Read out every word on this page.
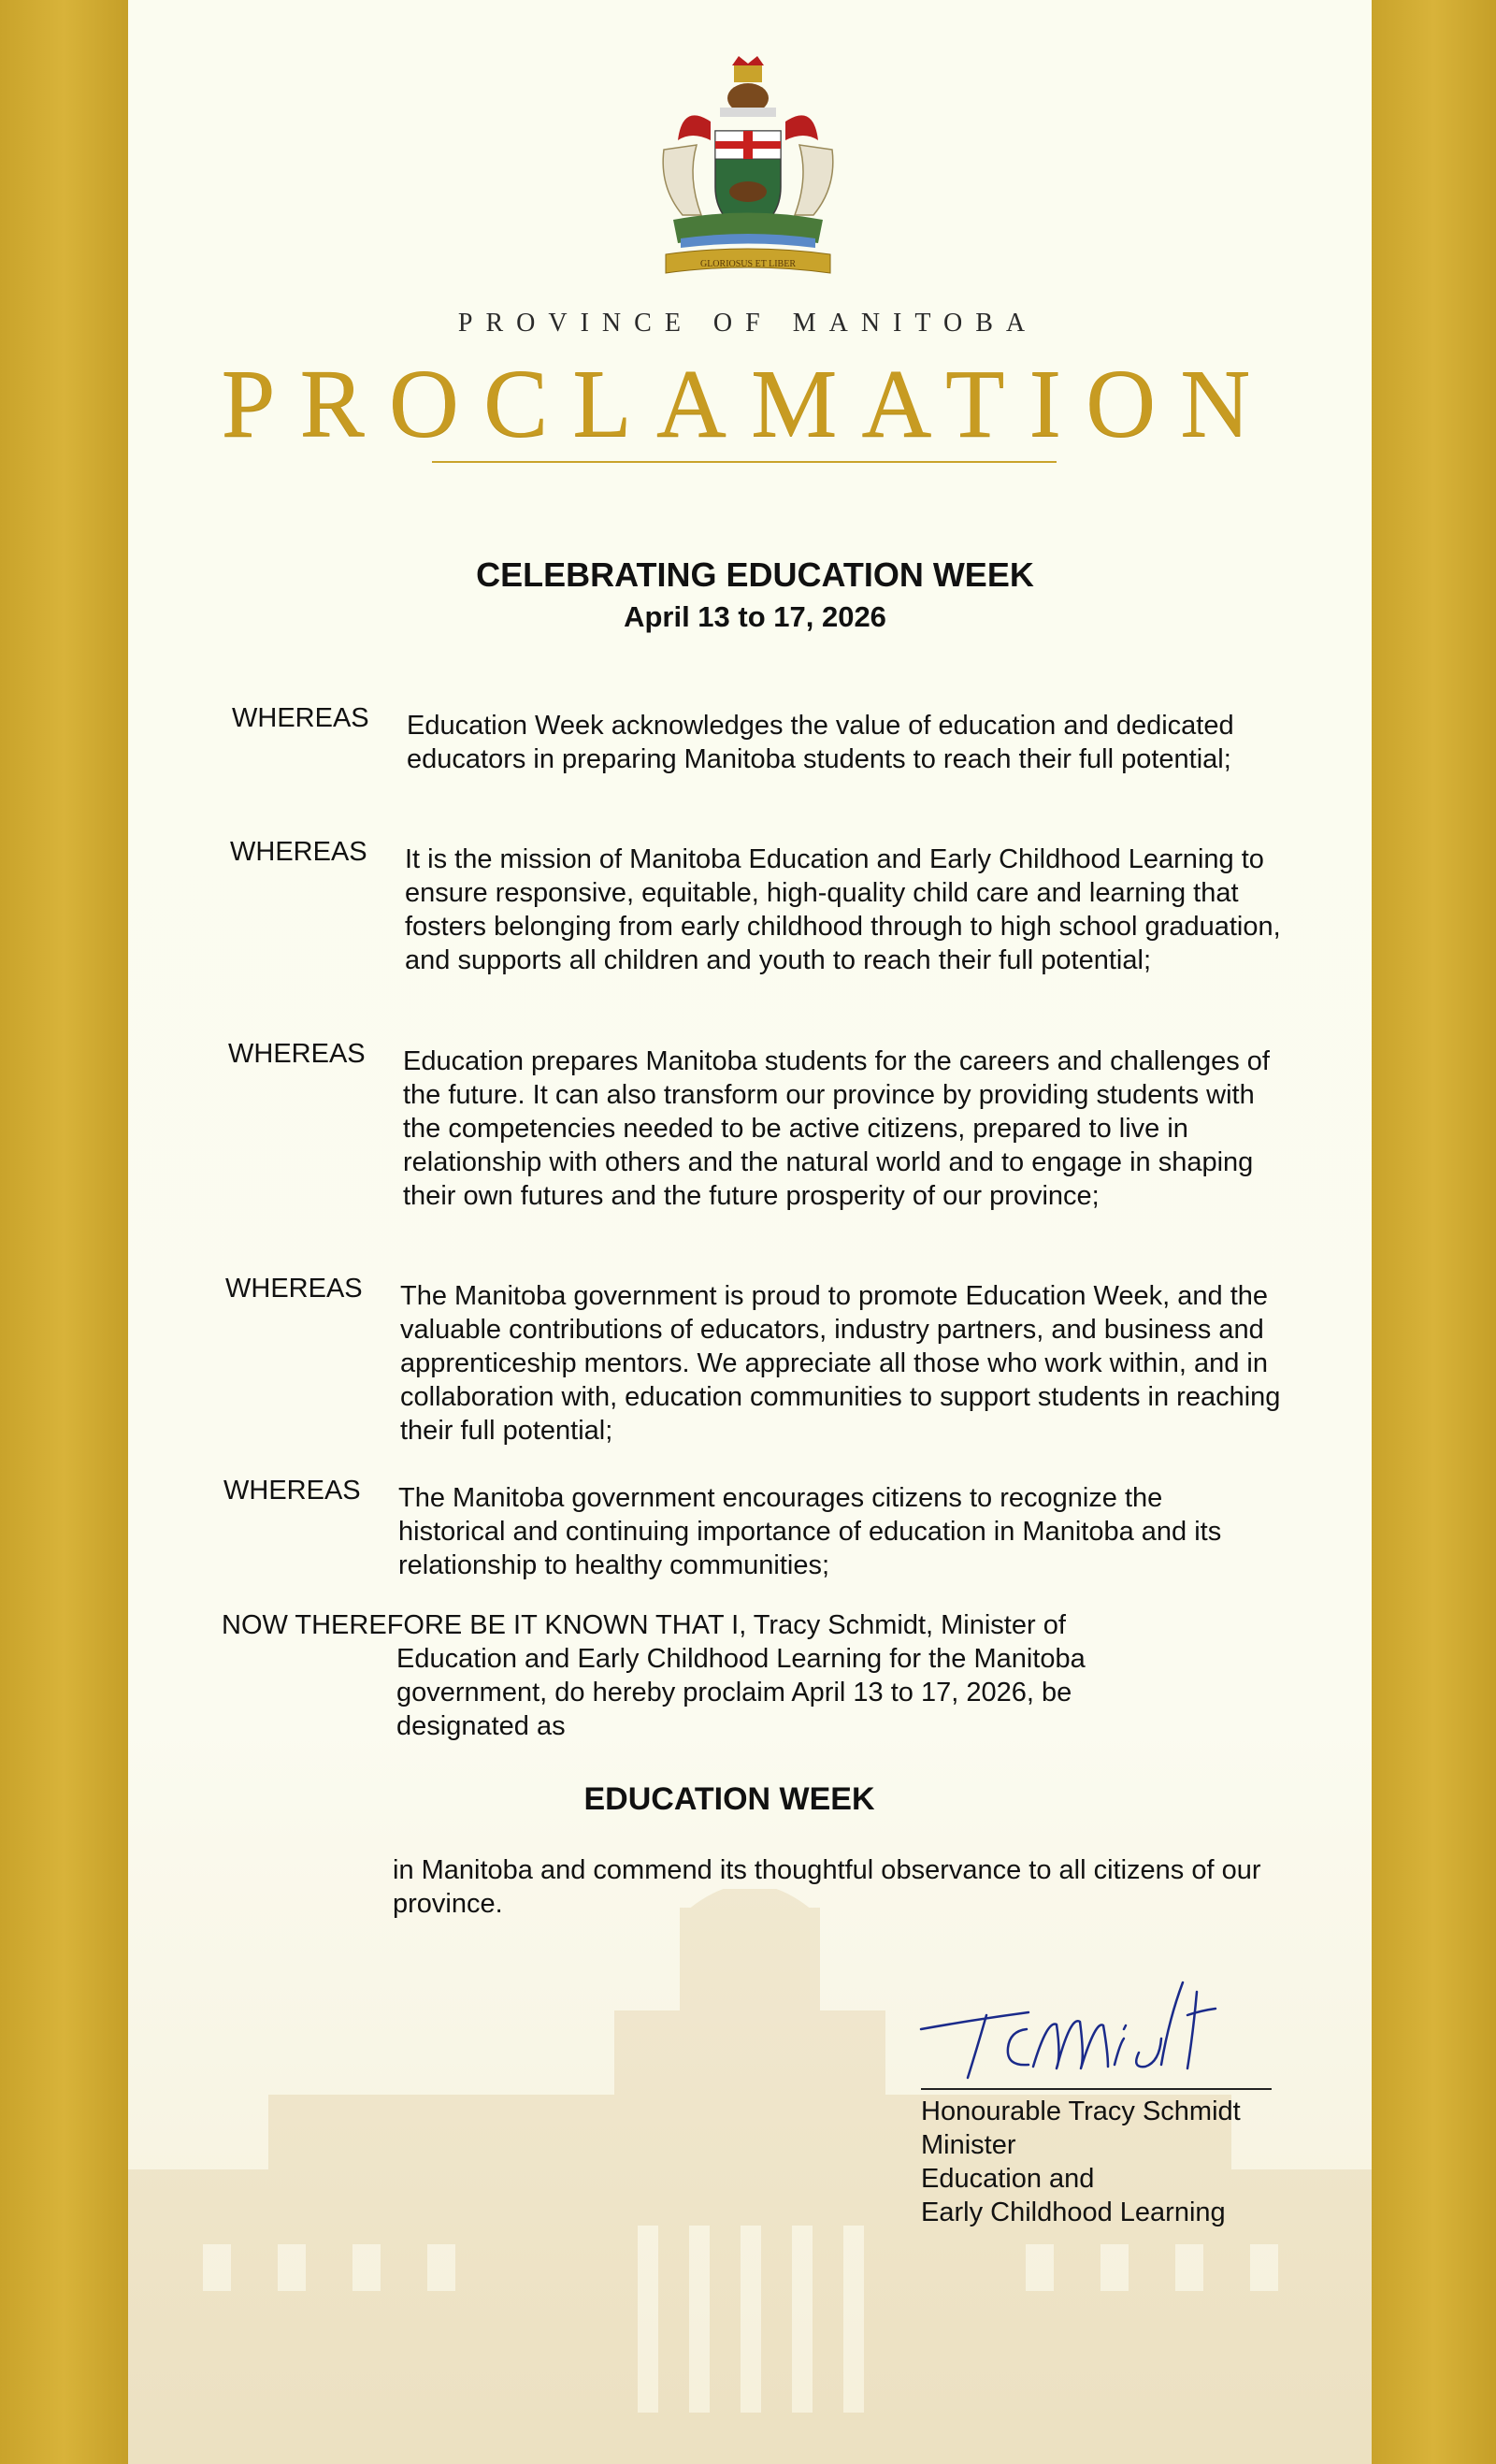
GLORIOSUS ET LIBER
PROVINCE OF MANITOBA
PROCLAMATION
CELEBRATING EDUCATION WEEK
April 13 to 17, 2026
WHEREAS Education Week acknowledges the value of education and dedicated educators in preparing Manitoba students to reach their full potential;
WHEREAS It is the mission of Manitoba Education and Early Childhood Learning to ensure responsive, equitable, high-quality child care and learning that fosters belonging from early childhood through to high school graduation, and supports all children and youth to reach their full potential;
WHEREAS Education prepares Manitoba students for the careers and challenges of the future. It can also transform our province by providing students with the competencies needed to be active citizens, prepared to live in relationship with others and the natural world and to engage in shaping their own futures and the future prosperity of our province;
WHEREAS The Manitoba government is proud to promote Education Week, and the valuable contributions of educators, industry partners, and business and apprenticeship mentors. We appreciate all those who work within, and in collaboration with, education communities to support students in reaching their full potential;
WHEREAS The Manitoba government encourages citizens to recognize the historical and continuing importance of education in Manitoba and its relationship to healthy communities;
NOW THEREFORE BE IT KNOWN THAT I, Tracy Schmidt, Minister of
Education and Early Childhood Learning for the Manitoba government, do hereby proclaim April 13 to 17, 2026, be designated as
EDUCATION WEEK
in Manitoba and commend its thoughtful observance to all citizens of our province.
Honourable Tracy Schmidt
Minister
Education and
Early Childhood Learning
